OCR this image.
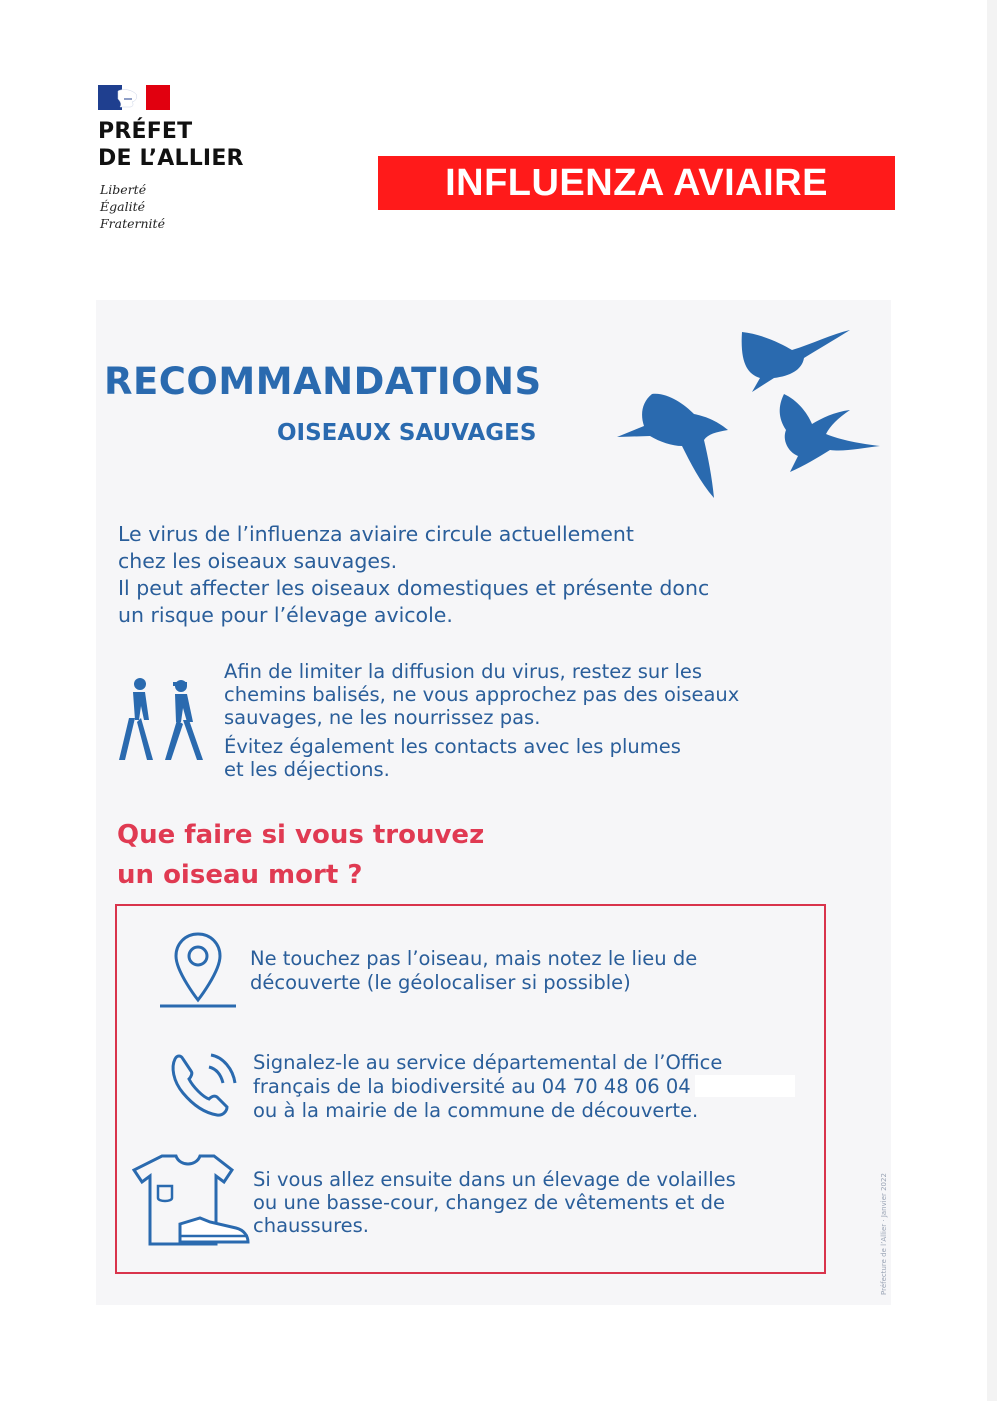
PRÉFET
DE L’ALLIER
Liberté
Égalité
Fraternité
INFLUENZA AVIAIRE
RECOMMANDATIONS
OISEAUX SAUVAGES
Le virus de l’influenza aviaire circule actuellement
chez les oiseaux sauvages.
Il peut affecter les oiseaux domestiques et présente donc
un risque pour l’élevage avicole.
Afin de limiter la diffusion du virus, restez sur les
chemins balisés, ne vous approchez pas des oiseaux
sauvages, ne les nourrissez pas.
Évitez également les contacts avec les plumes
et les déjections.
Que faire si vous trouvez
un oiseau mort ?
Ne touchez pas l’oiseau, mais notez le lieu de
découverte (le géolocaliser si possible)
Signalez-le au service départemental de l’Office
français de la biodiversité au 04 70 48 06 04
ou à la mairie de la commune de découverte.
Si vous allez ensuite dans un élevage de volailles
ou une basse-cour, changez de vêtements et de
chaussures.	Préfecture de l’Allier · Janvier 2022
